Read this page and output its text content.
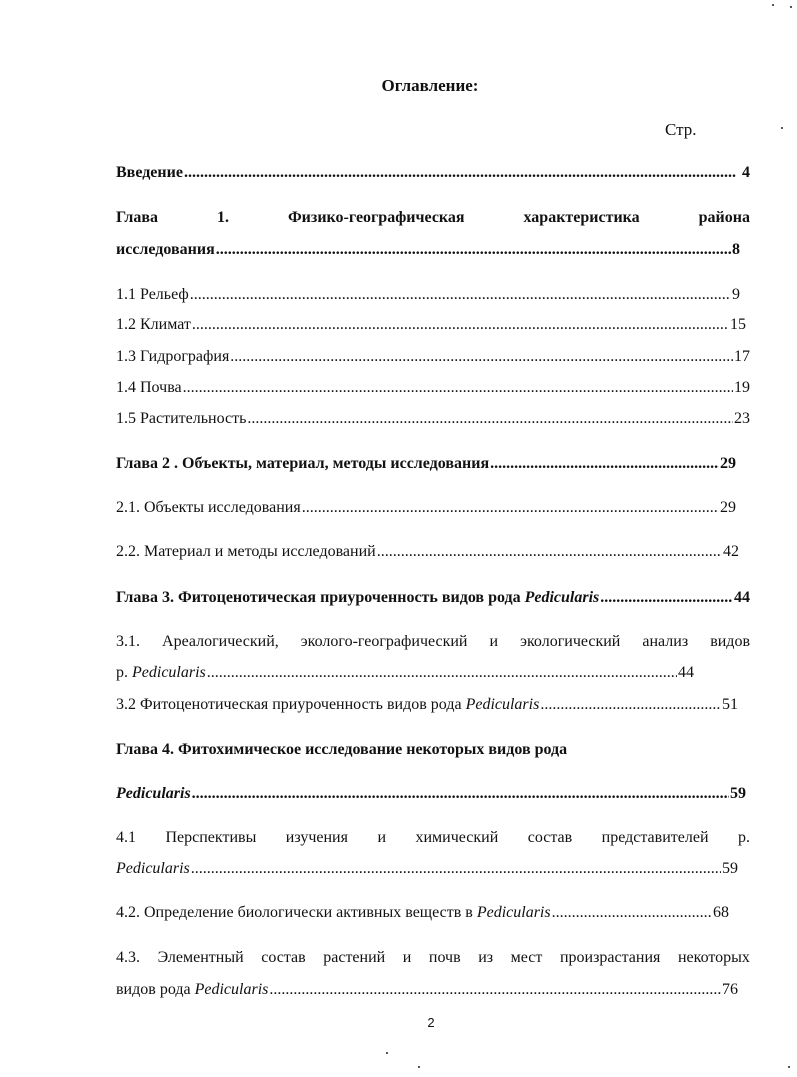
Оглавление:
Стр.
Введение . . .	4
Глава	1.	Физико-географическая	характеристика	района
исследования . . .	8
1.1 Рельеф . . .	9
1.2 Климат . . .	15
1.3 Гидрография . . .	17
1.4 Почва . . .	19
1.5 Растительность . . .	23
Глава 2 . Объекты, материал, методы исследования . . .	29
2.1. Объекты исследования . . .	29
2.2. Материал и методы исследований . . .	42
Глава 3. Фитоценотическая приуроченность видов рода
Pedicularis . . .	44
3.1. Ареалогический, эколого-географический и экологический анализ видов
р.
Pedicularis . . .	44
3.2 Фитоценотическая приуроченность видов рода
Pedicularis . . .	51
Глава 4. Фитохимическое исследование некоторых видов рода
Pedicularis . . .	59
4.1 Перспективы изучения и химический состав представителей р.
Pedicularis . . .	59
4.2. Определение биологически активных веществ в
Pedicularis . . .	68
4.3. Элементный состав растений и почв из мест произрастания некоторых
видов рода
Pedicularis . . .	76
2
